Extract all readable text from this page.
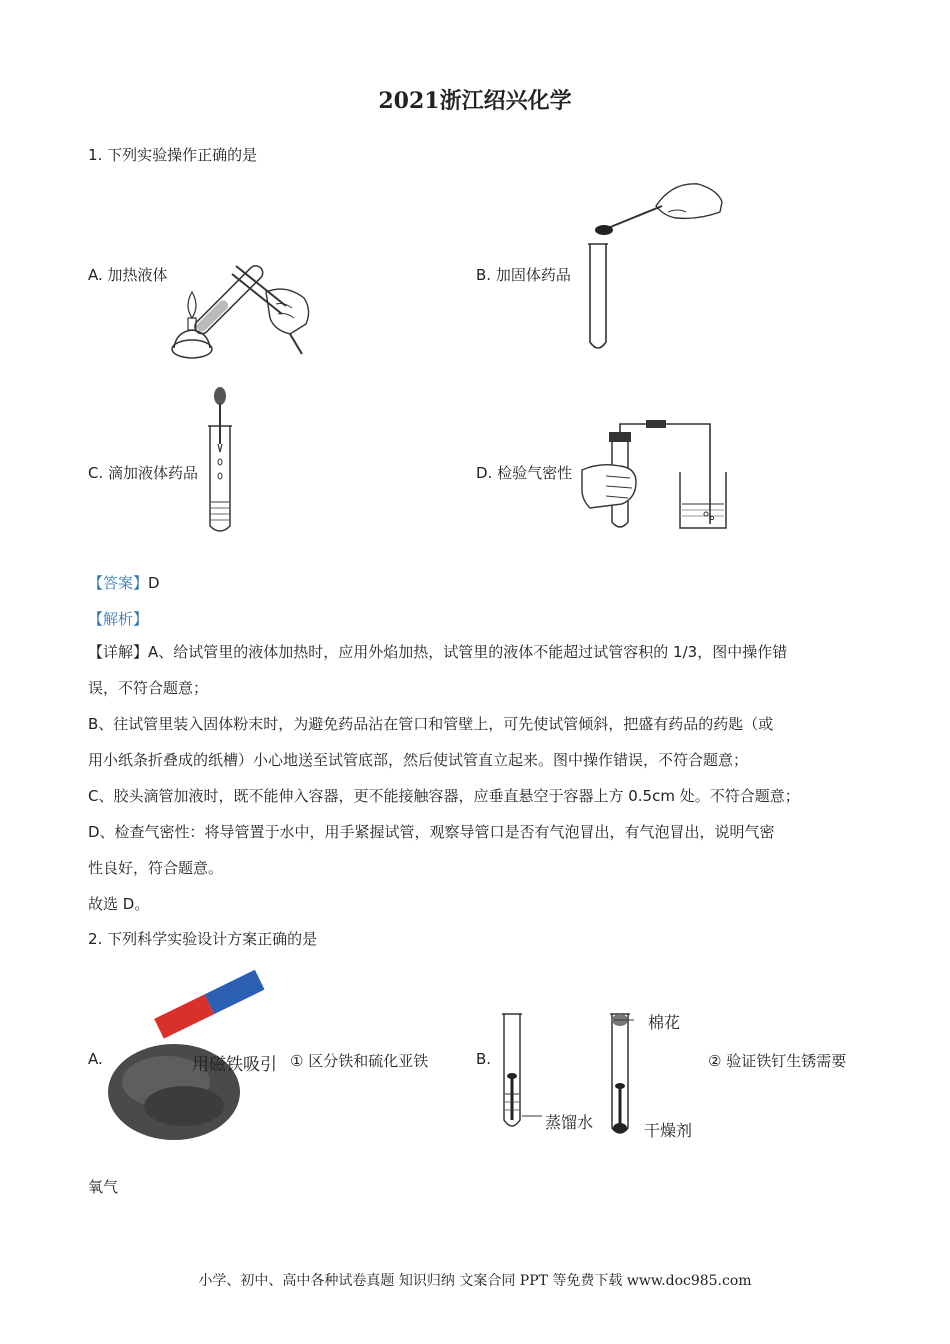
2021浙江绍兴化学
1. 下列实验操作正确的是
A. 加热液体	B. 加固体药品
C. 滴加液体药品	D. 检验气密性
【答案】D
【解析】
【详解】A、给试管里的液体加热时，应用外焰加热，试管里的液体不能超过试管容积的 1/3，图中操作错
误，不符合题意；
B、往试管里装入固体粉末时，为避免药品沾在管口和管壁上，可先使试管倾斜，把盛有药品的药匙（或
用小纸条折叠成的纸槽）小心地送至试管底部，然后使试管直立起来。图中操作错误，不符合题意；
C、胶头滴管加液时，既不能伸入容器，更不能接触容器，应垂直悬空于容器上方 0.5cm 处。不符合题意；
D、检查气密性：将导管置于水中，用手紧握试管，观察导管口是否有气泡冒出，有气泡冒出，说明气密
性良好，符合题意。
故选 D。
2. 下列科学实验设计方案正确的是
A.	用磁铁吸引 ① 区分铁和硫化亚铁	B.
棉花
蒸馏水	干燥剂
② 验证铁钉生锈需要
氧气
小学、初中、高中各种试卷真题 知识归纳 文案合同 PPT 等免费下载 www.doc985.com
